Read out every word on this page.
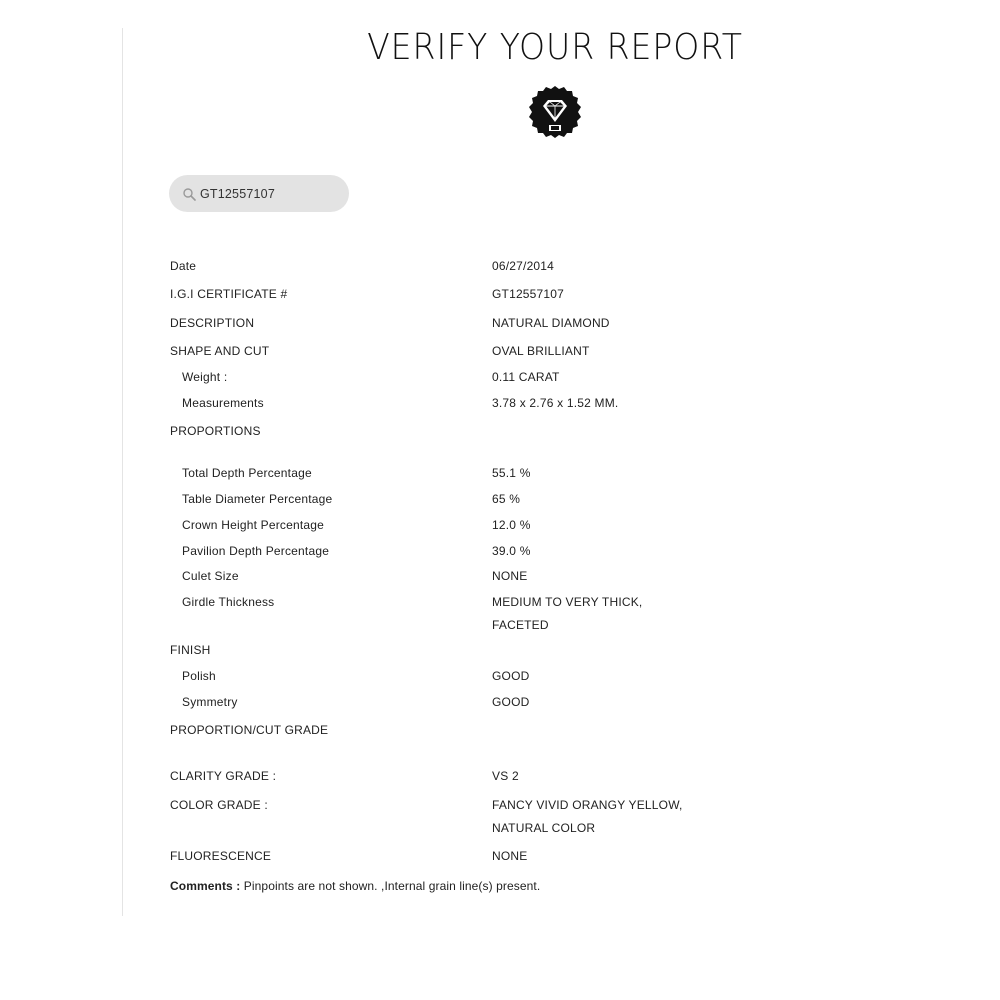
VERIFY YOUR REPORT
GT12557107
Date	06/27/2014
I.G.I CERTIFICATE #	GT12557107
DESCRIPTION	NATURAL DIAMOND
SHAPE AND CUT	OVAL BRILLIANT
Weight :	0.11 CARAT
Measurements	3.78 x 2.76 x 1.52 MM.
PROPORTIONS
Total Depth Percentage	55.1 %
Table Diameter Percentage	65 %
Crown Height Percentage	12.0 %
Pavilion Depth Percentage	39.0 %
Culet Size	NONE
Girdle Thickness	MEDIUM TO VERY THICK,
FACETED
FINISH
Polish	GOOD
Symmetry	GOOD
PROPORTION/CUT GRADE
CLARITY GRADE :	VS 2
COLOR GRADE :	FANCY VIVID ORANGY YELLOW,
NATURAL COLOR
FLUORESCENCE	NONE
Comments : Pinpoints are not shown. ,Internal grain line(s) present.
